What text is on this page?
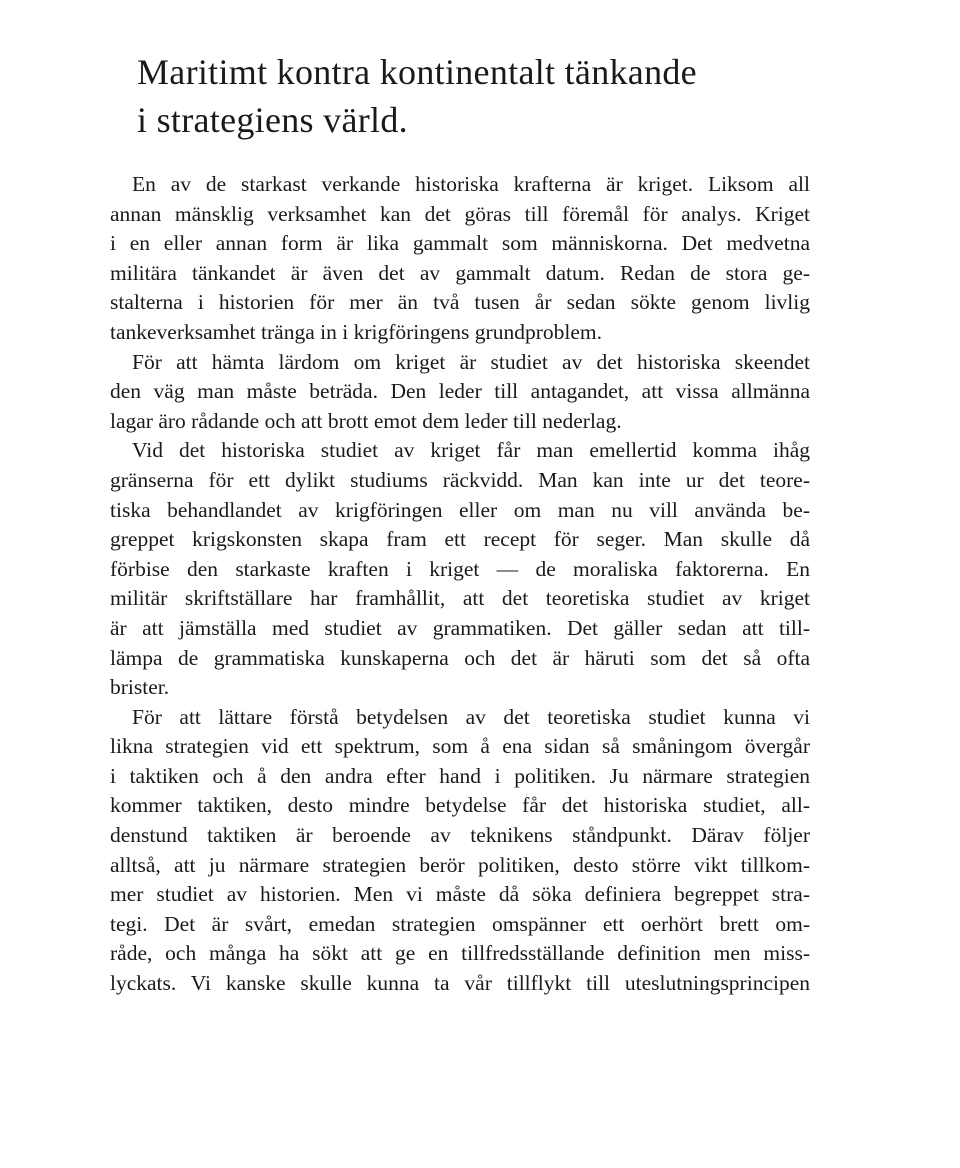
Maritimt kontra kontinentalt tänkande
i strategiens värld.
En av de starkast verkande historiska krafterna är kriget. Liksom all
annan mänsklig verksamhet kan det göras till föremål för analys. Kriget
i en eller annan form är lika gammalt som människorna. Det medvetna
militära tänkandet är även det av gammalt datum. Redan de stora ge-
stalterna i historien för mer än två tusen år sedan sökte genom livlig
tankeverksamhet tränga in i krigföringens grundproblem.
För att hämta lärdom om kriget är studiet av det historiska skeendet
den väg man måste beträda. Den leder till antagandet, att vissa allmänna
lagar äro rådande och att brott emot dem leder till nederlag.
Vid det historiska studiet av kriget får man emellertid komma ihåg
gränserna för ett dylikt studiums räckvidd. Man kan inte ur det teore-
tiska behandlandet av krigföringen eller om man nu vill använda be-
greppet krigskonsten skapa fram ett recept för seger. Man skulle då
förbise den starkaste kraften i kriget — de moraliska faktorerna. En
militär skriftställare har framhållit, att det teoretiska studiet av kriget
är att jämställa med studiet av grammatiken. Det gäller sedan att till-
lämpa de grammatiska kunskaperna och det är häruti som det så ofta
brister.
För att lättare förstå betydelsen av det teoretiska studiet kunna vi
likna strategien vid ett spektrum, som å ena sidan så småningom övergår
i taktiken och å den andra efter hand i politiken. Ju närmare strategien
kommer taktiken, desto mindre betydelse får det historiska studiet, all-
denstund taktiken är beroende av teknikens ståndpunkt. Därav följer
alltså, att ju närmare strategien berör politiken, desto större vikt tillkom-
mer studiet av historien. Men vi måste då söka definiera begreppet stra-
tegi. Det är svårt, emedan strategien omspänner ett oerhört brett om-
råde, och många ha sökt att ge en tillfredsställande definition men miss-
lyckats. Vi kanske skulle kunna ta vår tillflykt till uteslutningsprincipen
